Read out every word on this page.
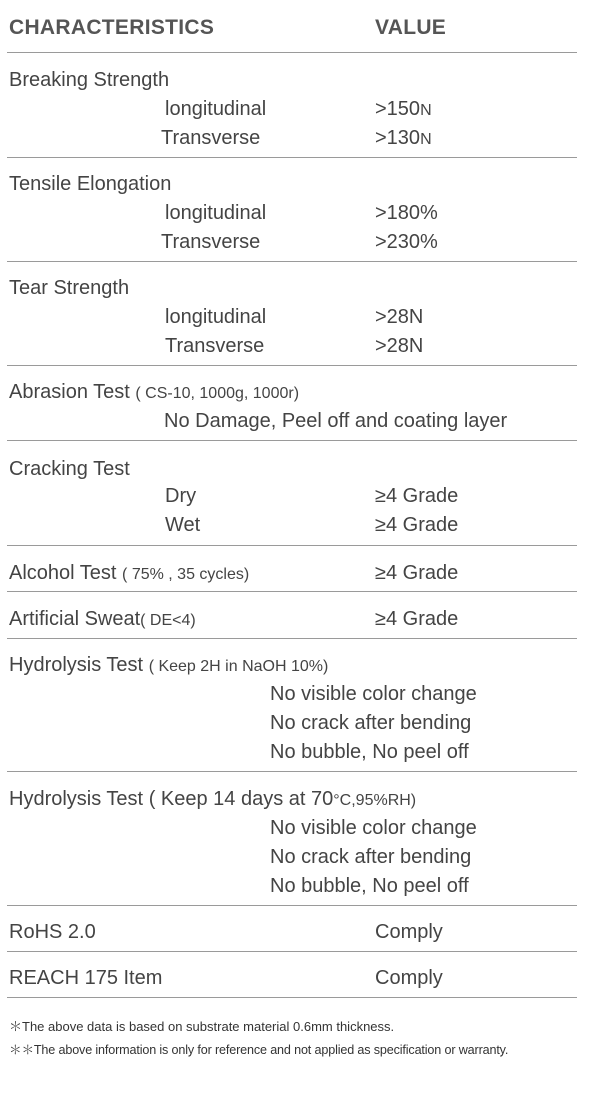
CHARACTERISTICS	VALUE
Breaking Strength
longitudinal	>150N
Transverse	>130N
Tensile Elongation
longitudinal	>180%
Transverse	>230%
Tear Strength
longitudinal	>28N
Transverse	>28N
Abrasion Test ( CS-10, 1000g, 1000r)
No Damage, Peel off and coating layer
Cracking Test
Dry	≥4 Grade
Wet	≥4 Grade
Alcohol Test ( 75% , 35 cycles)	≥4 Grade
Artificial Sweat( DE<4)	≥4 Grade
Hydrolysis Test ( Keep 2H in NaOH 10%)
No visible color change
No crack after bending
No bubble, No peel off
Hydrolysis Test ( Keep 14 days at 70°C,95%RH)
No visible color change
No crack after bending
No bubble, No peel off
RoHS 2.0	Comply
REACH 175 Item	Comply
＊The above data is based on substrate material 0.6mm thickness.
＊＊The above information is only for reference and not applied as specification or warranty.
